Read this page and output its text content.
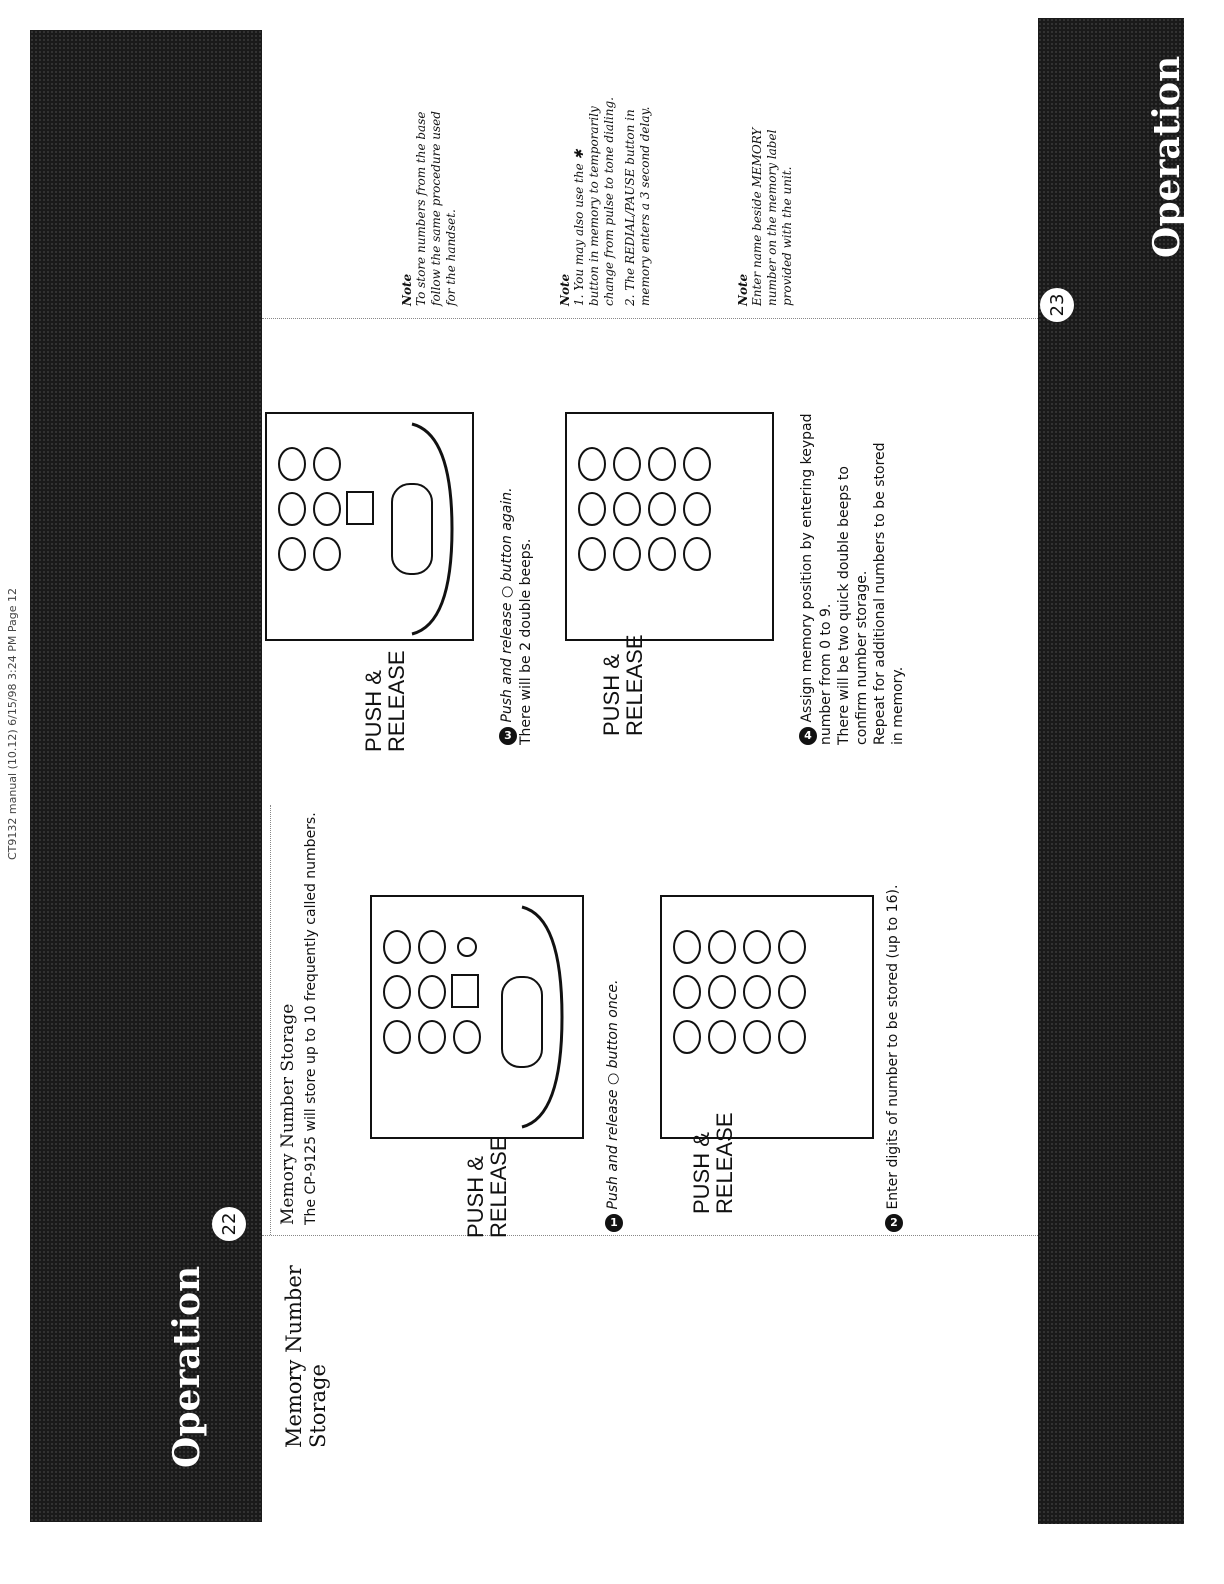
CT9132 manual (10.12) 6/15/98 3:24 PM Page 12
Operation
Operation
22
23
Memory Number Storage
Memory Number Storage The CP-9125 will store up to 10 frequently called numbers.	PUSH & RELEASE	1 Push and release ○ button once.	PUSH & RELEASE
2 Enter digits of number to be stored (up to 16).
PUSH & RELEASE	3 Push and release ○ button again. There will be 2 double beeps.	PUSH & RELEASE	4 Assign memory position by entering keypad number from 0 to 9. There will be two quick double beeps to confirm number storage. Repeat for additional numbers to be stored in memory.
Note To store numbers from the base follow the same procedure used for the handset.	Note 1. You may also use the ✱ button in memory to temporarily change from pulse to tone dialing. 2. The REDIAL/PAUSE button in memory enters a 3 second delay.	Note Enter name beside MEMORY number on the memory label provided with the unit.
